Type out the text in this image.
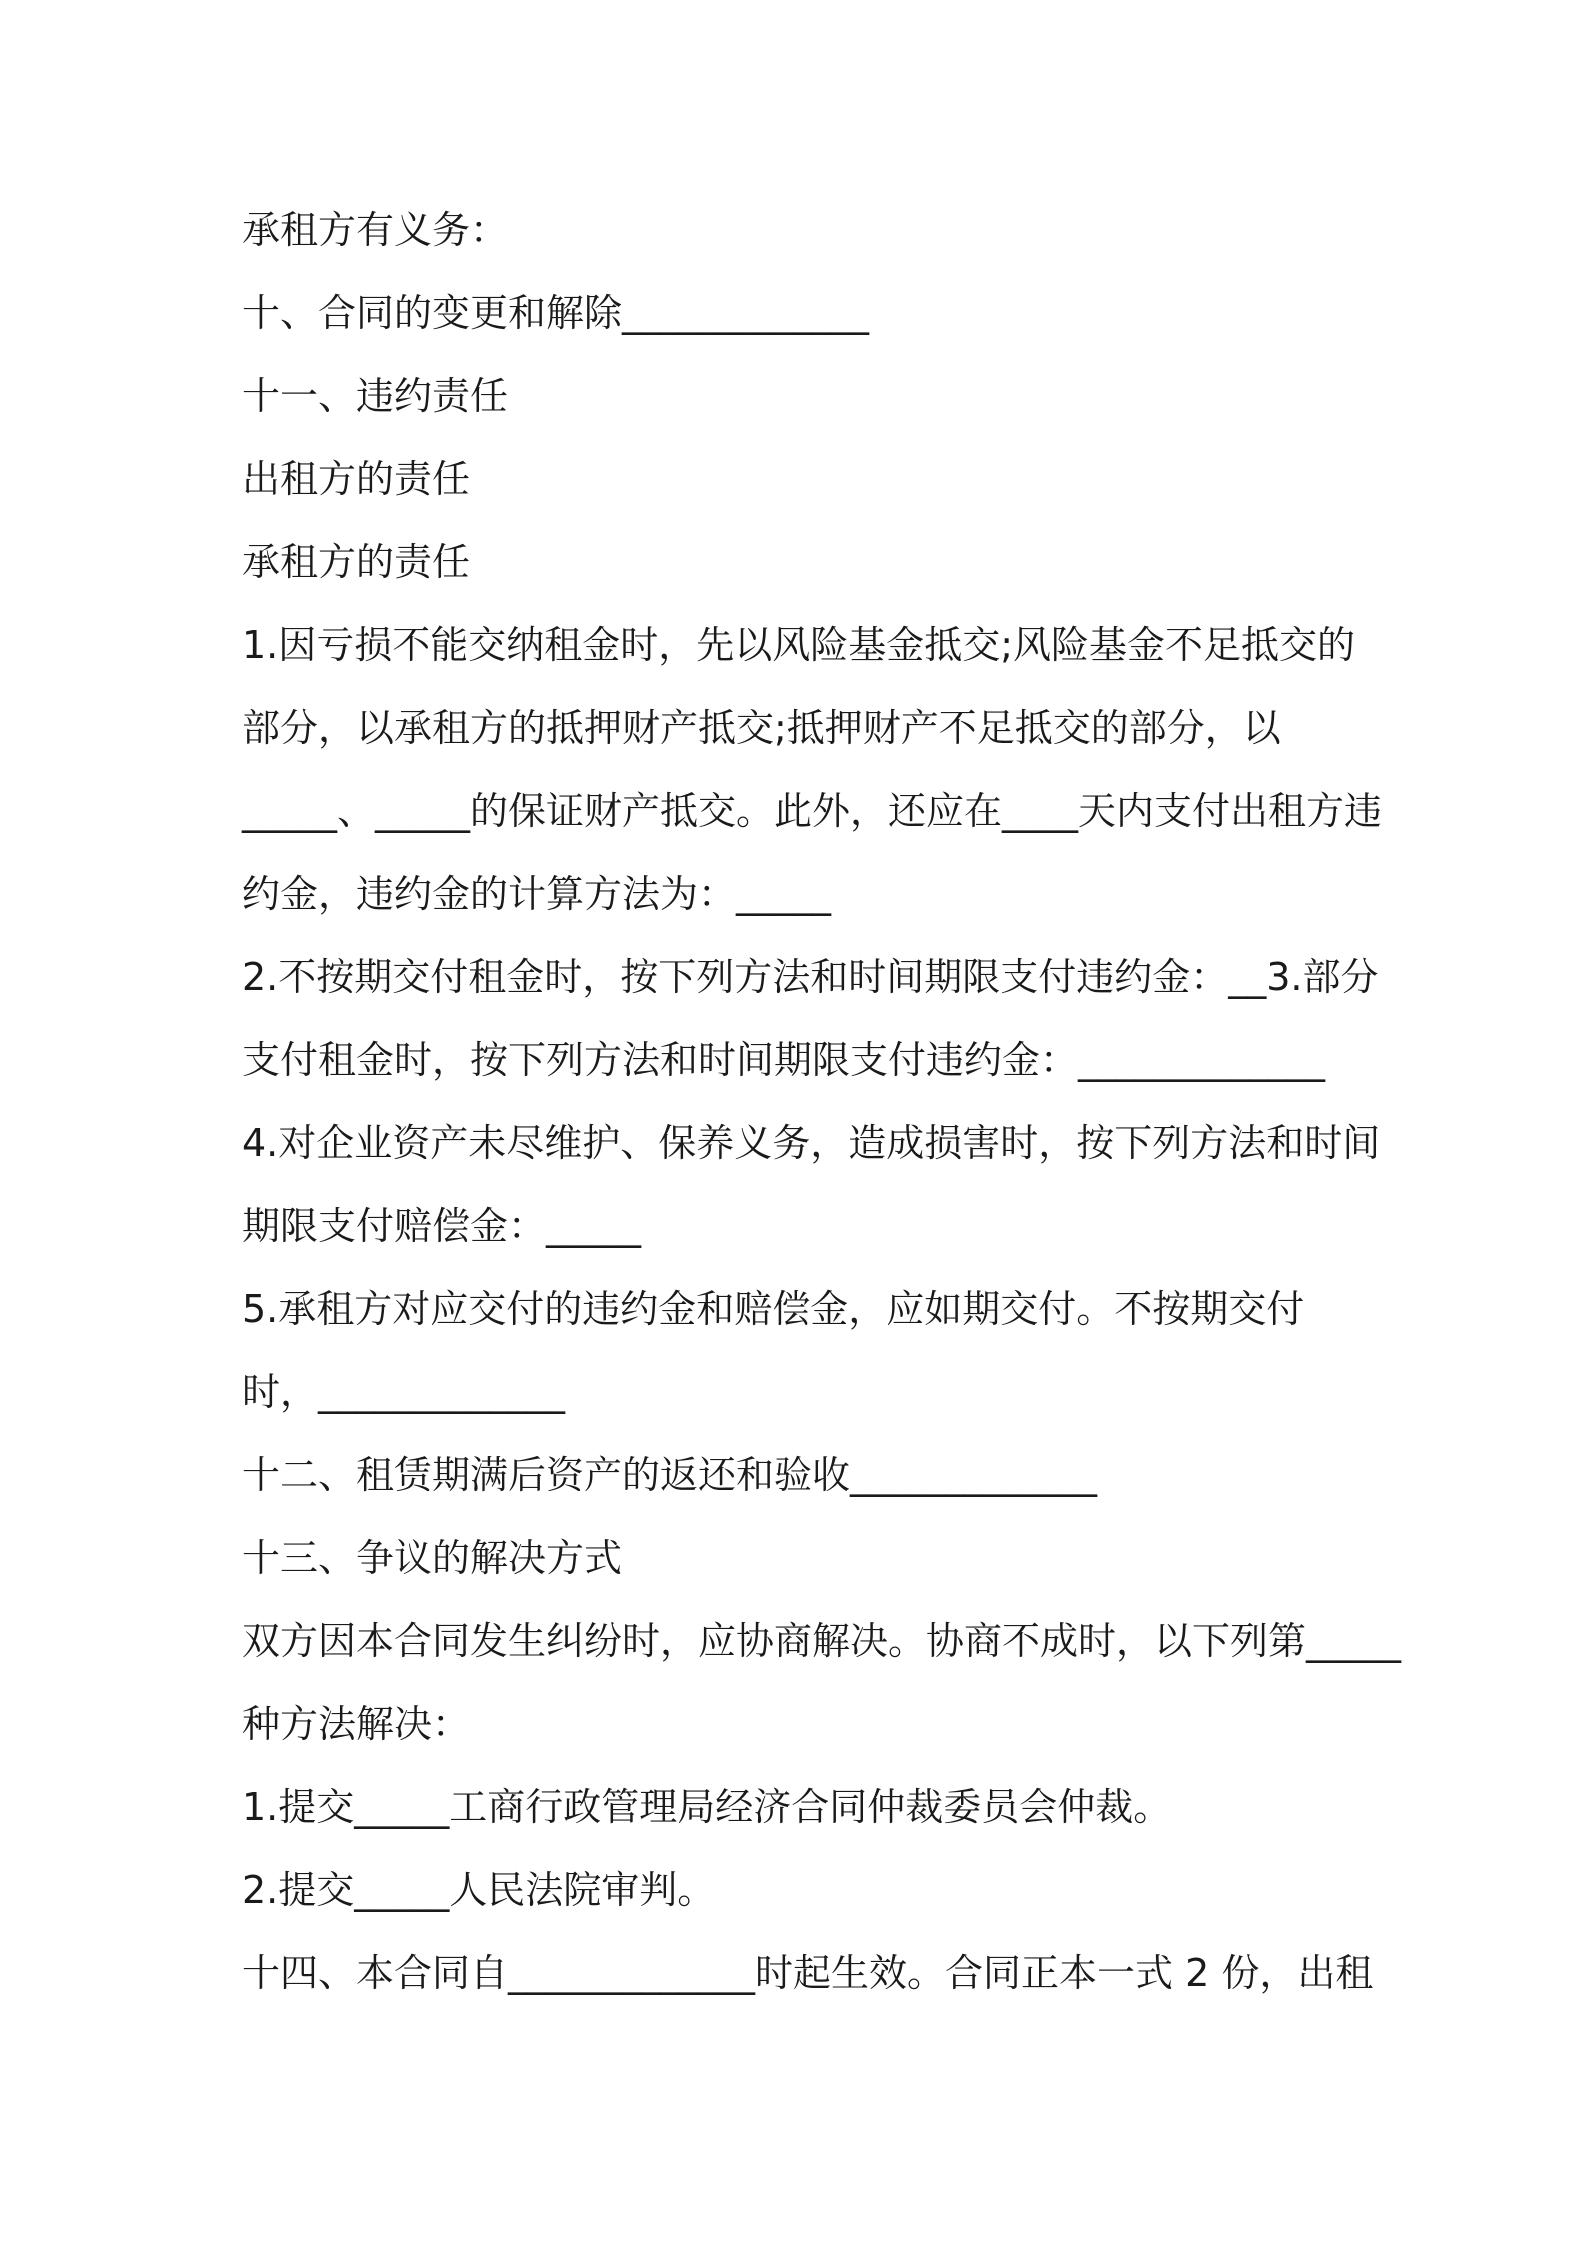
承租方有义务：
十、合同的变更和解除_____________
十一、违约责任
出租方的责任
承租方的责任
1.因亏损不能交纳租金时，先以风险基金抵交;风险基金不足抵交的
部分，以承租方的抵押财产抵交;抵押财产不足抵交的部分，以
_____、_____的保证财产抵交。此外，还应在____天内支付出租方违
约金，违约金的计算方法为：_____
2.不按期交付租金时，按下列方法和时间期限支付违约金：__3.部分
支付租金时，按下列方法和时间期限支付违约金：_____________
4.对企业资产未尽维护、保养义务，造成损害时，按下列方法和时间
期限支付赔偿金：_____
5.承租方对应交付的违约金和赔偿金，应如期交付。不按期交付
时，_____________
十二、租赁期满后资产的返还和验收_____________
十三、争议的解决方式
双方因本合同发生纠纷时，应协商解决。协商不成时，以下列第_____
种方法解决：
1.提交_____工商行政管理局经济合同仲裁委员会仲裁。
2.提交_____人民法院审判。
十四、本合同自_____________时起生效。合同正本一式 2 份，出租
